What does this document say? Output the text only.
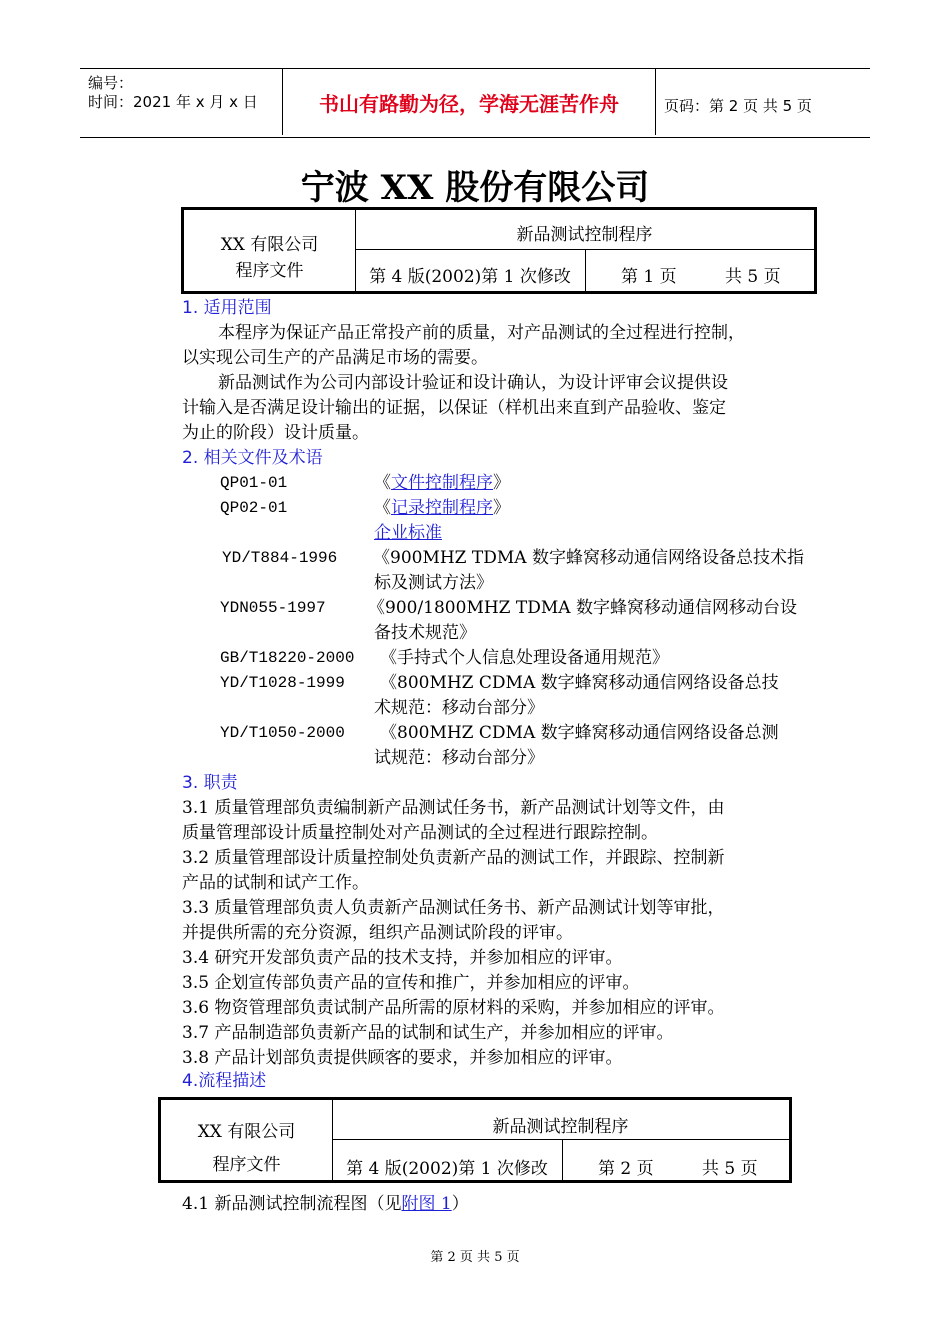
编号：
时间：2021 年 x 月 x 日	书山有路勤为径，学海无涯苦作舟	页码：第 2 页 共 5 页
宁波 XX 股份有限公司
XX 有限公司
程序文件
新品测试控制程序
第 4 版(2002)第 1 次修改	第 1 页	共 5 页
1. 适用范围
本程序为保证产品正常投产前的质量，对产品测试的全过程进行控制，
以实现公司生产的产品满足市场的需要。
新品测试作为公司内部设计验证和设计确认，为设计评审会议提供设
计输入是否满足设计输出的证据，以保证（样机出来直到产品验收、鉴定
为止的阶段）设计质量。
2. 相关文件及术语
QP01-01	《文件控制程序》
QP02-01	《记录控制程序》
企业标准
YD/T884-1996 《900MHZ TDMA 数字蜂窝移动通信网络设备总技术指
标及测试方法》
YDN055-1997 《900/1800MHZ TDMA 数字蜂窝移动通信网移动台设
备技术规范》
GB/T18220-2000 《手持式个人信息处理设备通用规范》
YD/T1028-1999 《800MHZ CDMA 数字蜂窝移动通信网络设备总技
术规范：移动台部分》
YD/T1050-2000 《800MHZ CDMA 数字蜂窝移动通信网络设备总测
试规范：移动台部分》
3. 职责
3.1 质量管理部负责编制新产品测试任务书，新产品测试计划等文件，由
质量管理部设计质量控制处对产品测试的全过程进行跟踪控制。
3.2 质量管理部设计质量控制处负责新产品的测试工作，并跟踪、控制新
产品的试制和试产工作。
3.3 质量管理部负责人负责新产品测试任务书、新产品测试计划等审批，
并提供所需的充分资源，组织产品测试阶段的评审。
3.4 研究开发部负责产品的技术支持，并参加相应的评审。
3.5 企划宣传部负责产品的宣传和推广，并参加相应的评审。
3.6 物资管理部负责试制产品所需的原材料的采购，并参加相应的评审。
3.7 产品制造部负责新产品的试制和试生产，并参加相应的评审。
3.8 产品计划部负责提供顾客的要求，并参加相应的评审。
4.流程描述
XX 有限公司
程序文件
新品测试控制程序
第 4 版(2002)第 1 次修改	第 2 页	共 5 页
4.1 新品测试控制流程图（见附图 1）
第 2 页 共 5 页
